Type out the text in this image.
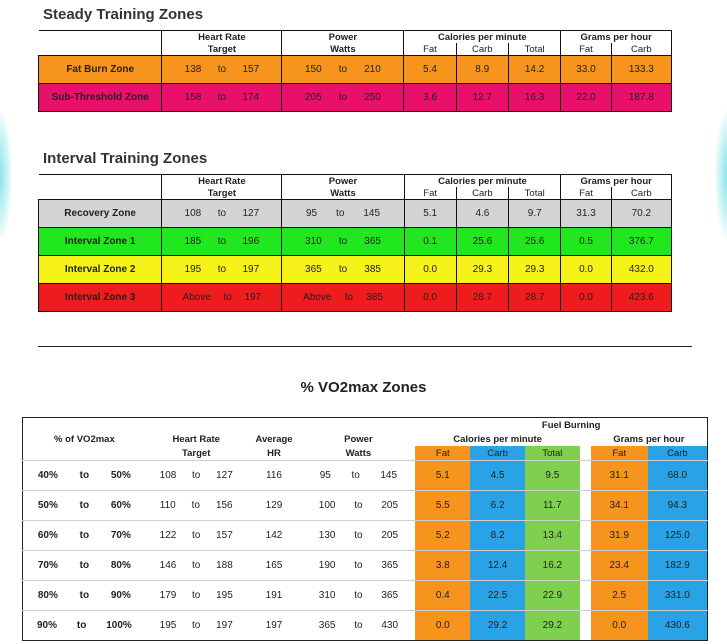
Steady Training Zones
	Heart Rate	Power	Calories per minute			Grams per hour	
	Target	Watts	Fat	Carb	Total	Fat	Carb
Fat Burn Zone	138 to 157	150 to 210	5.4	8.9	14.2	33.0	133.3
Sub-Threshold Zone	158 to 174	205 to 250	3.6	12.7	16.3	22.0	187.8
Interval Training Zones
	Heart Rate	Power	Calories per minute			Grams per hour	
	Target	Watts	Fat	Carb	Total	Fat	Carb
Recovery Zone	108 to 127	95 to 145	5.1	4.6	9.7	31.3	70.2
Interval Zone 1	185 to 196	310 to 365	0.1	25.6	25.6	0.5	376.7
Interval Zone 2	195 to 197	365 to 385	0.0	29.3	29.3	0.0	432.0
Interval Zone 3	Above to 197	Above to 385	0.0	28.7	28.7	0.0	423.6
% VO2max Zones
				Fuel Burning					
% of VO2max	Heart Rate	Average	Power	Calories per minute				Grams per hour	
	Target	HR	Watts	Fat	Carb	Total		Fat	Carb

40% to 50%	108 to 127	116	95 to 145	5.1	4.5	9.5		31.1	68.0

50% to 60%	110 to 156	129	100 to 205	5.5	6.2	11.7		34.1	94.3

60% to 70%	122 to 157	142	130 to 205	5.2	8.2	13.4		31.9	125.0

70% to 80%	146 to 188	165	190 to 365	3.8	12.4	16.2		23.4	182.9

80% to 90%	179 to 195	191	310 to 365	0.4	22.5	22.9		2.5	331.0

90% to 100%	195 to 197	197	365 to 430	0.0	29.2	29.2		0.0	430.6
